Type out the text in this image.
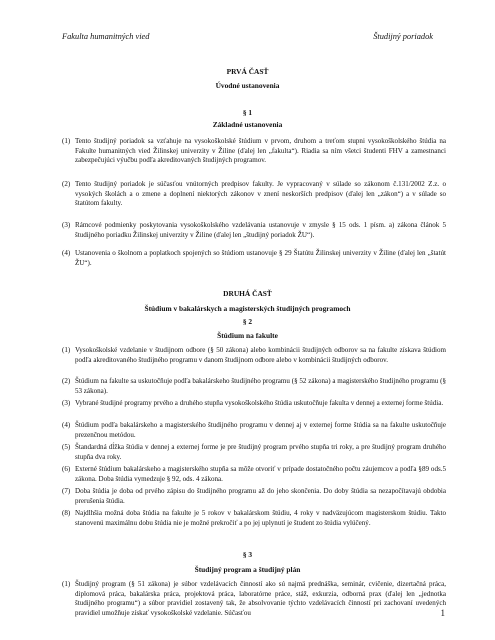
Fakulta humanitných vied	Študijný poriadok
PRVÁ ČASŤ
Úvodné ustanovenia
§ 1
Základné ustanovenia
(1) Tento študijný poriadok sa vzťahuje na vysokoškolské štúdium v prvom, druhom a treťom stupni vysokoškolského štúdia na Fakulte humanitných vied Žilinskej univerzity v Žiline (ďalej len „fakulta“). Riadia sa ním všetci študenti FHV a zamestnanci zabezpečujúci výučbu podľa akreditovaných študijných programov.
(2) Tento študijný poriadok je súčasťou vnútorných predpisov fakulty. Je vypracovaný v súlade so zákonom č.131/2002 Z.z. o vysokých školách a o zmene a doplnení niektorých zákonov v znení neskorších predpisov (ďalej len „zákon“) a v súlade so štatútom fakulty.
(3) Rámcové podmienky poskytovania vysokoškolského vzdelávania ustanovuje v zmysle § 15 ods. 1 písm. a) zákona článok 5 študijného poriadku Žilinskej univerzity v Žiline (ďalej len „študijný poriadok ŽU“).
(4) Ustanovenia o školnom a poplatkoch spojených so štúdiom ustanovuje § 29 Štatútu Žilinskej univerzity v Žiline (ďalej len „štatút ŽU“).
DRUHÁ ČASŤ
Štúdium v bakalárskych a magisterských študijných programoch
§ 2
Štúdium na fakulte
(1) Vysokoškolské vzdelanie v študijnom odbore (§ 50 zákona) alebo kombinácii študijných odborov sa na fakulte získava štúdiom podľa akreditovaného študijného programu v danom študijnom odbore alebo v kombinácii študijných odborov.
(2) Štúdium na fakulte sa uskutočňuje podľa bakalárskeho študijného programu (§ 52 zákona) a magisterského študijného programu (§ 53 zákona).
(3) Vybrané študijné programy prvého a druhého stupňa vysokoškolského štúdia uskutočňuje fakulta v dennej a externej forme štúdia.
(4) Štúdium podľa bakalárskeho a magisterského študijného programu v dennej aj v externej forme štúdia sa na fakulte uskutočňuje prezenčnou metódou.
(5) Štandardná dĺžka štúdia v dennej a externej forme je pre študijný program prvého stupňa tri roky, a pre študijný program druhého stupňa dva roky.
(6) Externé štúdium bakalárskeho a magisterského stupňa sa môže otvoriť v prípade dostatočného počtu záujemcov a podľa §89 ods.5 zákona. Doba štúdia vymedzuje § 92, ods. 4 zákona.
(7) Doba štúdia je doba od prvého zápisu do študijného programu až do jeho skončenia. Do doby štúdia sa nezapočítavajú obdobia prerušenia štúdia.
(8) Najdlhšia možná doba štúdia na fakulte je 5 rokov v bakalárskom štúdiu, 4 roky v nadväzujúcom magisterskom štúdiu. Takto stanovenú maximálnu dobu štúdia nie je možné prekročiť a po jej uplynutí je študent zo štúdia vylúčený.
§ 3
Študijný program a študijný plán
(1) Študijný program (§ 51 zákona) je súbor vzdelávacích činností ako sú najmä prednáška, seminár, cvičenie, dizertačná práca, diplomová práca, bakalárska práca, projektová práca, laboratórne práce, stáž, exkurzia, odborná prax (ďalej len „jednotka študijného programu“) a súbor pravidiel zostavený tak, že absolvovanie týchto vzdelávacích činností pri zachovaní uvedených pravidiel umožňuje získať vysokoškolské vzdelanie. Súčasťou	1
